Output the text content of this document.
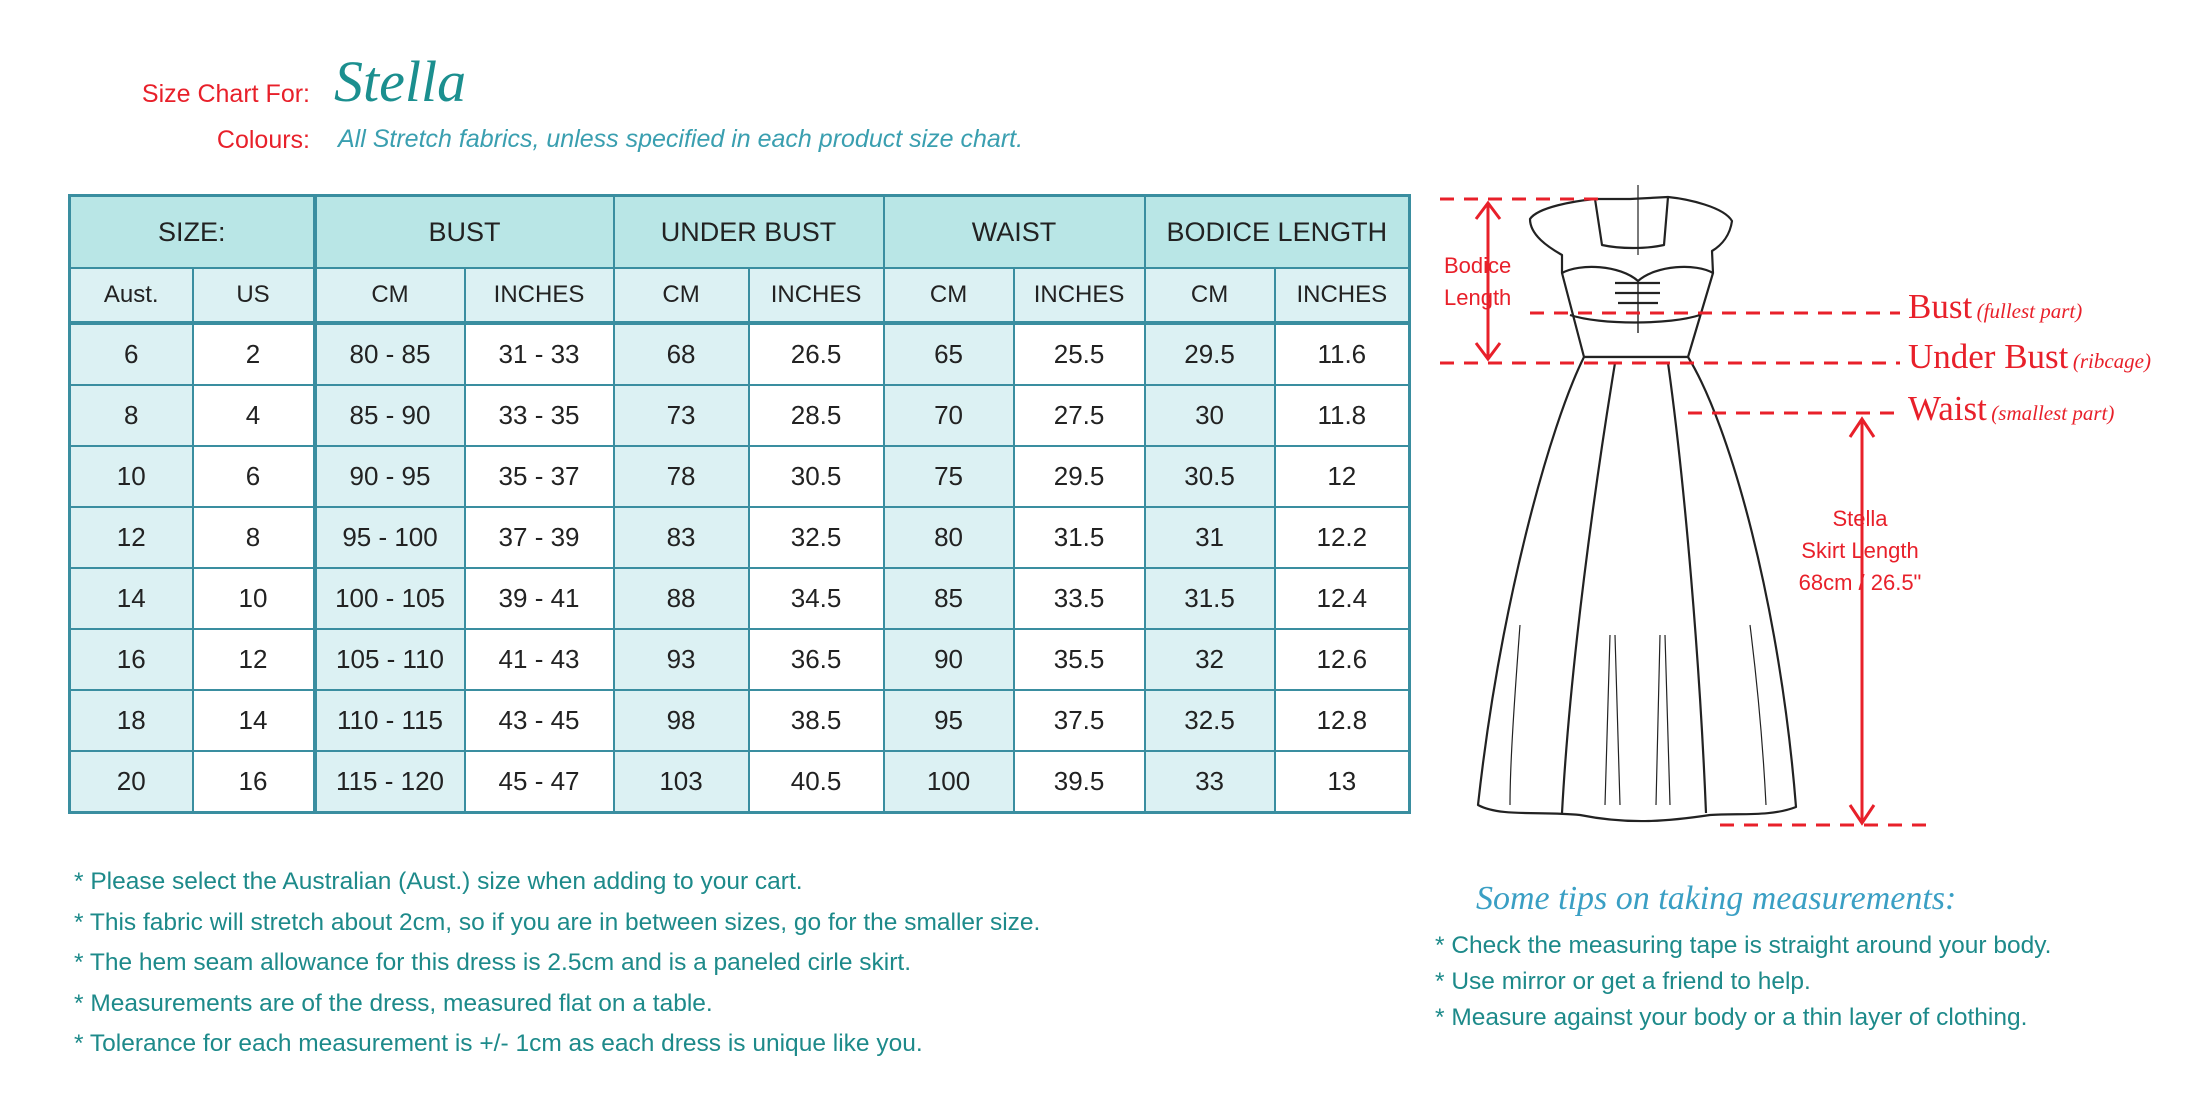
Size Chart For: Stella
Colours: All Stretch fabrics, unless specified in each product size chart.
SIZE:		BUST		UNDER BUST		WAIST		BODICE LENGTH	
Aust.	US	CM	INCHES	CM	INCHES	CM	INCHES	CM	INCHES
6	2	80 - 85	31 - 33	68	26.5	65	25.5	29.5	11.6
8	4	85 - 90	33 - 35	73	28.5	70	27.5	30	11.8
10	6	90 - 95	35 - 37	78	30.5	75	29.5	30.5	12
12	8	95 - 100	37 - 39	83	32.5	80	31.5	31	12.2
14	10	100 - 105	39 - 41	88	34.5	85	33.5	31.5	12.4
16	12	105 - 110	41 - 43	93	36.5	90	35.5	32	12.6
18	14	110 - 115	43 - 45	98	38.5	95	37.5	32.5	12.8
20	16	115 - 120	45 - 47	103	40.5	100	39.5	33	13
* Please select the Australian (Aust.) size when adding to your cart.
* This fabric will stretch about 2cm, so if you are in between sizes, go for the smaller size.
* The hem seam allowance for this dress is 2.5cm and is a paneled cirle skirt.
* Measurements are of the dress, measured flat on a table.
* Tolerance for each measurement is +/- 1cm as each dress is unique like you.
Bodice
Length	Bust (fullest part)
Under Bust (ribcage)
Waist (smallest part)
Stella
Skirt Length
68cm / 26.5"
Some tips on taking measurements:
* Check the measuring tape is straight around your body.
* Use mirror or get a friend to help.
* Measure against your body or a thin layer of clothing.
